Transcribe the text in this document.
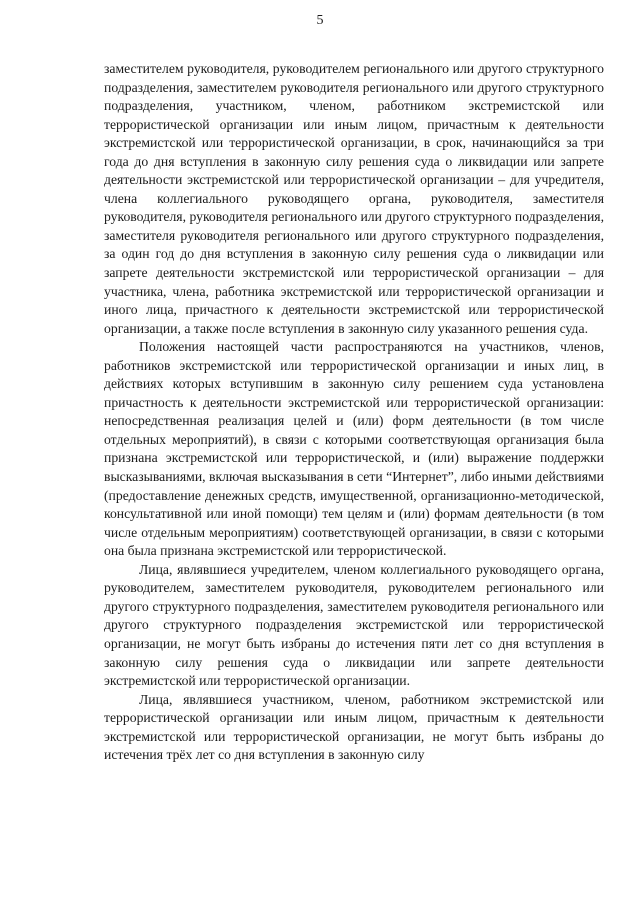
5

заместителем руководителя, руководителем регионального или другого структурного подразделения, заместителем руководителя регионального или другого структурного подразделения, участником, членом, работником экстремистской или террористической организации или иным лицом, причастным к деятельности экстремистской или террористической организации, в срок, начинающийся за три года до дня вступления в законную силу решения суда о ликвидации или запрете деятельности экстремистской или террористической организации – для учредителя, члена коллегиального руководящего органа, руководителя, заместителя руководителя, руководителя регионального или другого структурного подразделения, заместителя руководителя регионального или другого структурного подразделения, за один год до дня вступления в законную силу решения суда о ликвидации или запрете деятельности экстремистской или террористической организации – для участника, члена, работника экстремистской или террористической организации и иного лица, причастного к деятельности экстремистской или террористической организации, а также после вступления в законную силу указанного решения суда.

Положения настоящей части распространяются на участников, членов, работников экстремистской или террористической организации и иных лиц, в действиях которых вступившим в законную силу решением суда установлена причастность к деятельности экстремистской или террористической организации: непосредственная реализация целей и (или) форм деятельности (в том числе отдельных мероприятий), в связи с которыми соответствующая организация была признана экстремистской или террористической, и (или) выражение поддержки высказываниями, включая высказывания в сети “Интернет”, либо иными действиями (предоставление денежных средств, имущественной, организационно-методической, консультативной или иной помощи) тем целям и (или) формам деятельности (в том числе отдельным мероприятиям) соответствующей организации, в связи с которыми она была признана экстремистской или террористической.

Лица, являвшиеся учредителем, членом коллегиального руководящего органа, руководителем, заместителем руководителя, руководителем регионального или другого структурного подразделения, заместителем руководителя регионального или другого структурного подразделения экстремистской или террористической организации, не могут быть избраны до истечения пяти лет со дня вступления в законную силу решения суда о ликвидации или запрете деятельности экстремистской или террористической организации.

Лица, являвшиеся участником, членом, работником экстремистской или террористической организации или иным лицом, причастным к деятельности экстремистской или террористической организации, не могут быть избраны до истечения трёх лет со дня вступления в законную силу
